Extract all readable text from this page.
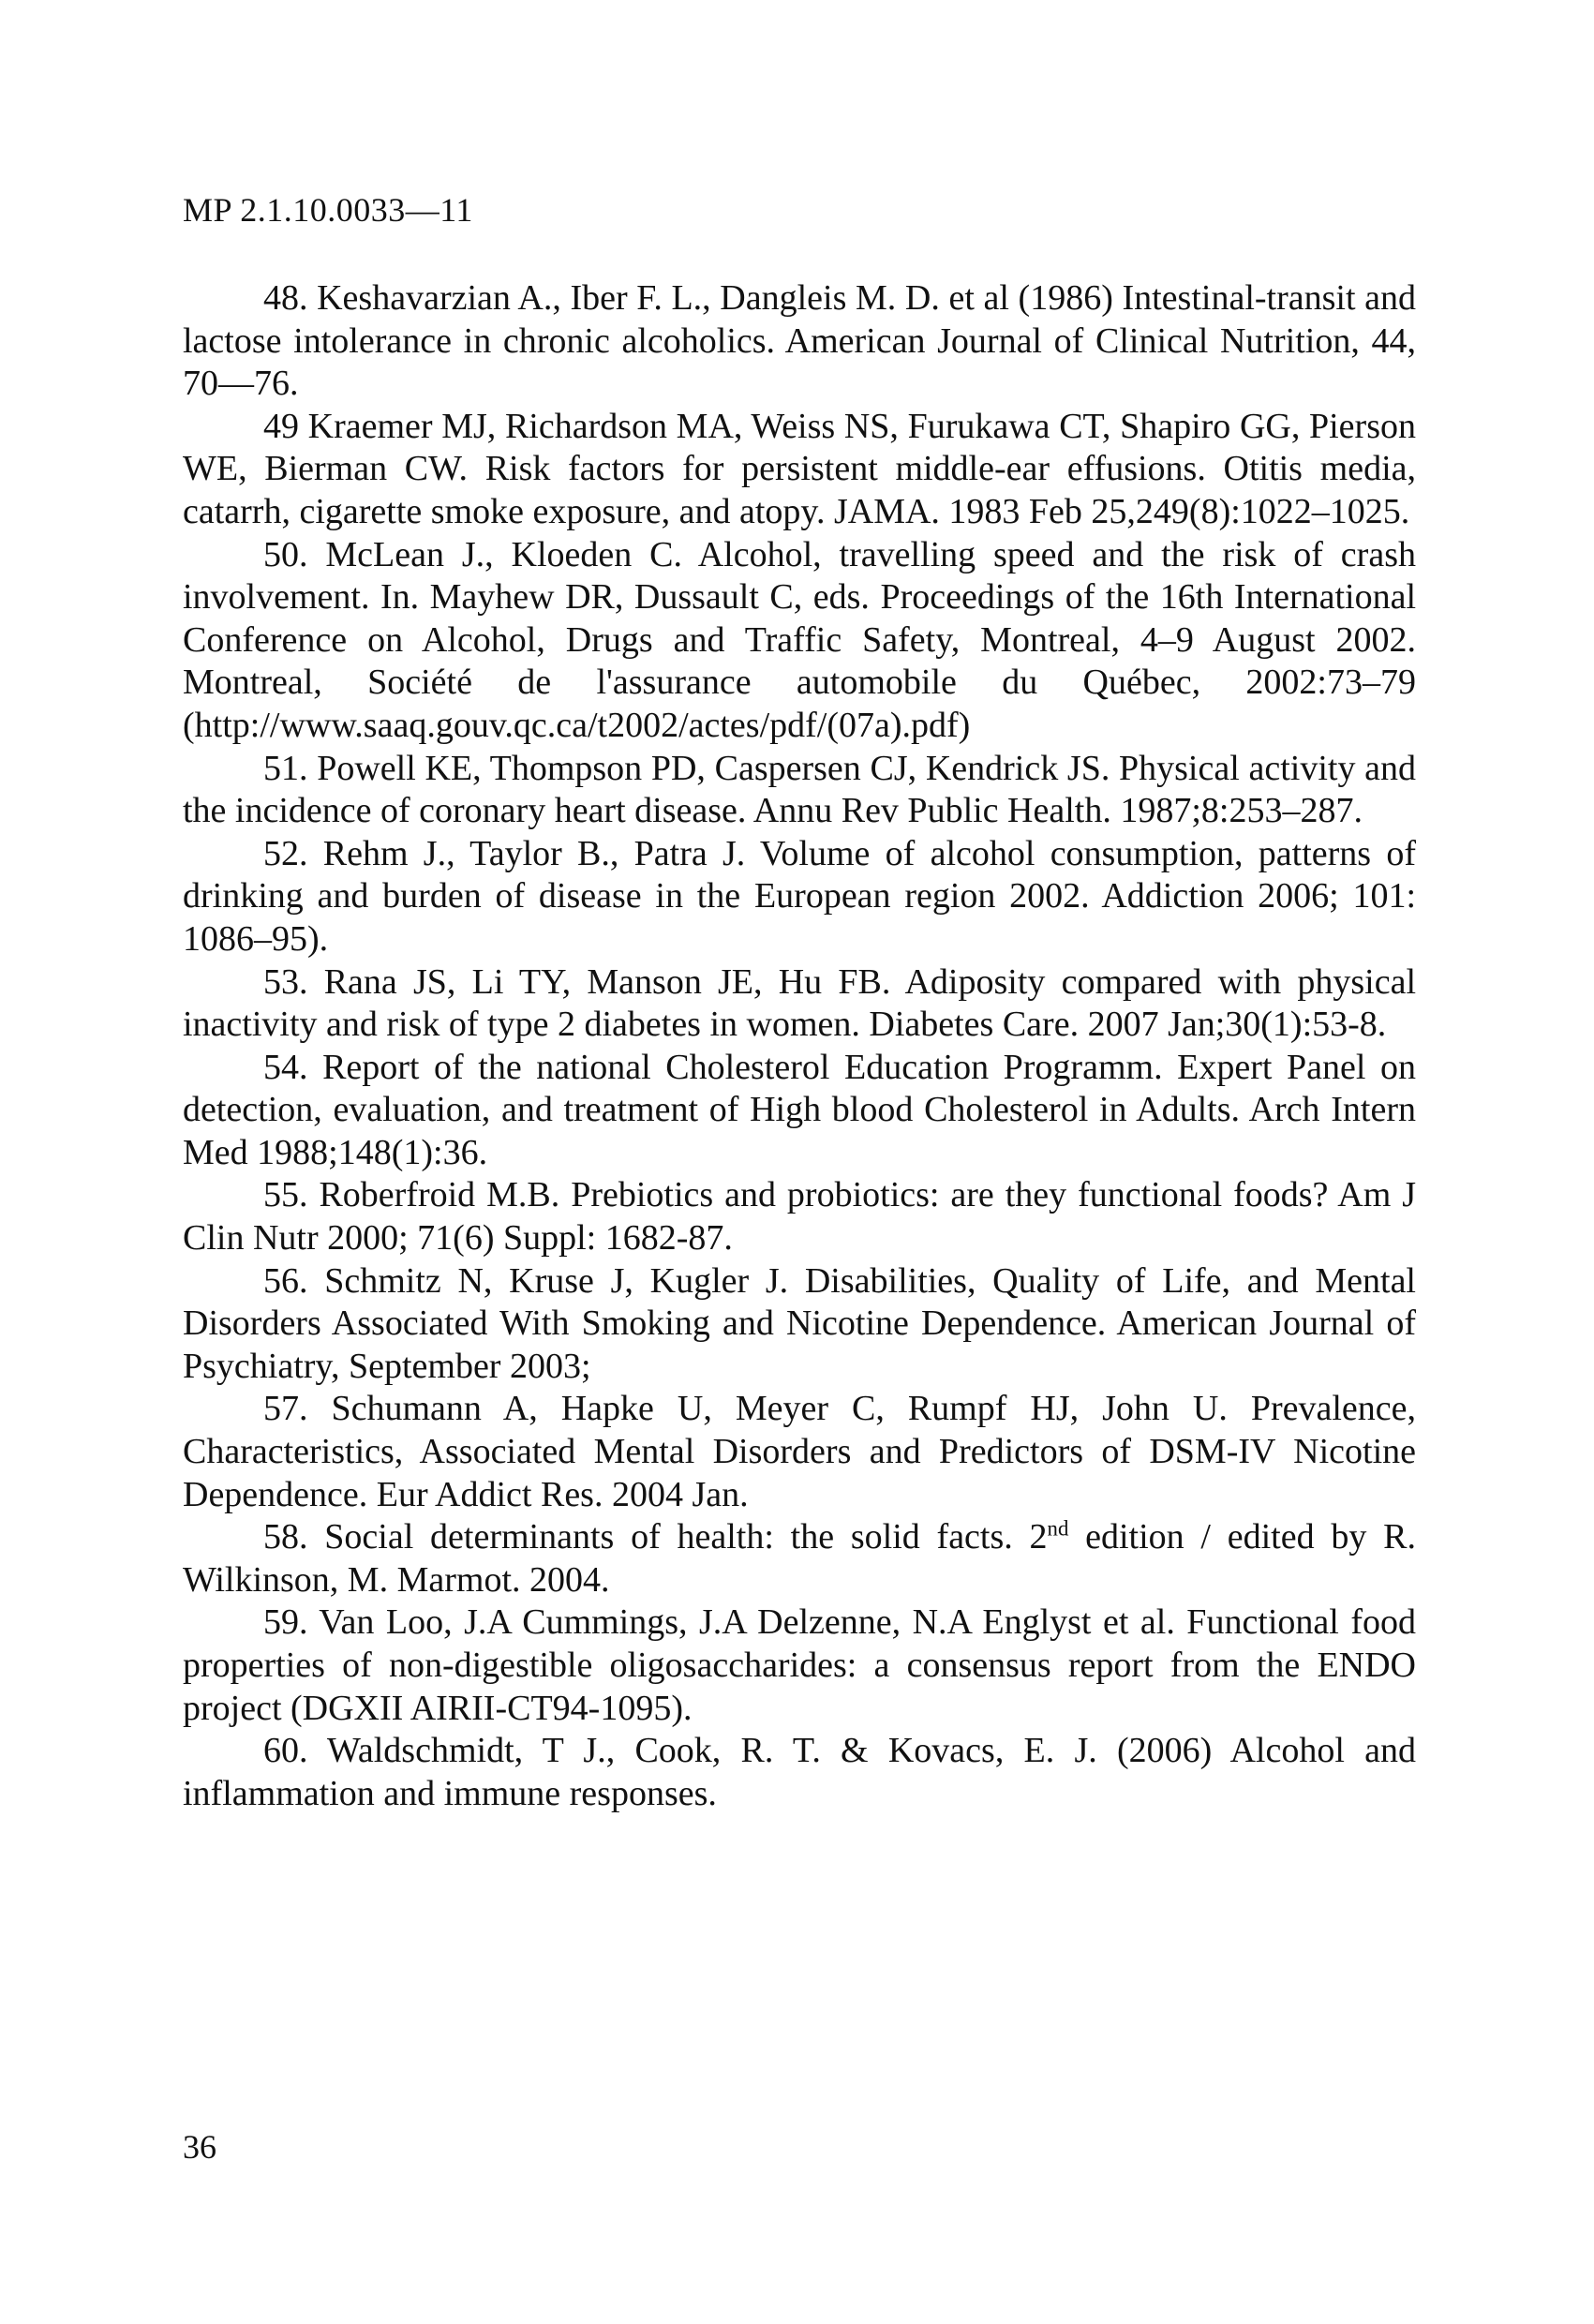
MP 2.1.10.0033—11

48. Keshavarzian A., Iber F. L., Dangleis M. D. et al (1986) Intestinal-transit and lactose intolerance in chronic alcoholics. American Journal of Clinical Nutrition, 44, 70—76.

49 Kraemer MJ, Richardson MA, Weiss NS, Furukawa CT, Shapiro GG, Pierson WE, Bierman CW. Risk factors for persistent middle-ear effusions. Otitis media, catarrh, cigarette smoke exposure, and atopy. JAMA. 1983 Feb 25,249(8):1022–1025.

50. McLean J., Kloeden C. Alcohol, travelling speed and the risk of crash involvement. In. Mayhew DR, Dussault C, eds. Proceedings of the 16th International Conference on Alcohol, Drugs and Traffic Safety, Montreal, 4–9 August 2002. Montreal, Société de l'assurance automobile du Québec, 2002:73–79 (http://www.saaq.gouv.qc.ca/t2002/actes/pdf/(07a).pdf)

51. Powell KE, Thompson PD, Caspersen CJ, Kendrick JS. Physical activity and the incidence of coronary heart disease. Annu Rev Public Health. 1987;8:253–287.

52. Rehm J., Taylor B., Patra J. Volume of alcohol consumption, patterns of drinking and burden of disease in the European region 2002. Addiction 2006; 101: 1086–95).

53. Rana JS, Li TY, Manson JE, Hu FB. Adiposity compared with physical inactivity and risk of type 2 diabetes in women. Diabetes Care. 2007 Jan;30(1):53-8.

54. Report of the national Cholesterol Education Programm. Expert Panel on detection, evaluation, and treatment of High blood Cholesterol in Adults. Arch Intern Med 1988;148(1):36.

55. Roberfroid M.B. Prebiotics and probiotics: are they functional foods? Am J Clin Nutr 2000; 71(6) Suppl: 1682-87.

56. Schmitz N, Kruse J, Kugler J. Disabilities, Quality of Life, and Mental Disorders Associated With Smoking and Nicotine Dependence. American Journal of Psychiatry, September 2003;

57. Schumann A, Hapke U, Meyer C, Rumpf HJ, John U. Prevalence, Characteristics, Associated Mental Disorders and Predictors of DSM-IV Nicotine Dependence. Eur Addict Res. 2004 Jan.

58. Social determinants of health: the solid facts. 2nd edition / edited by R. Wilkinson, M. Marmot. 2004.

59. Van Loo, J.A Cummings, J.A Delzenne, N.A Englyst et al. Functional food properties of non-digestible oligosaccharides: a consensus report from the ENDO project (DGXII AIRII-CT94-1095).

60. Waldschmidt, T J., Cook, R. T. & Kovacs, E. J. (2006) Alcohol and inflammation and immune responses.

36
